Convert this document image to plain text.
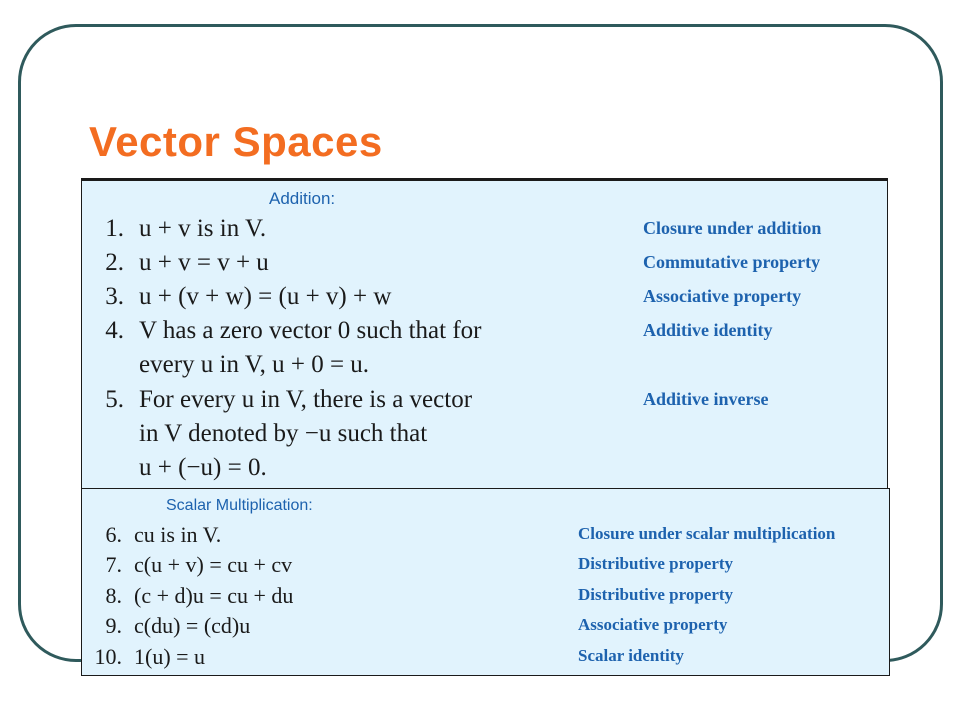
Vector Spaces
Addition:
1. u + v is in V.	Closure under addition
2. u + v = v + u	Commutative property
3. u + (v + w) = (u + v) + w	Associative property
4. V has a zero vector 0 such that for	Additive identity
every u in V, u + 0 = u.
5. For every u in V, there is a vector	Additive inverse
in V denoted by −u such that
u + (−u) = 0.
Scalar Multiplication:
6. cu is in V.	Closure under scalar multiplication
7. c(u + v) = cu + cv	Distributive property
8. (c + d)u = cu + du	Distributive property
9. c(du) = (cd)u	Associative property
10. 1(u) = u	Scalar identity
